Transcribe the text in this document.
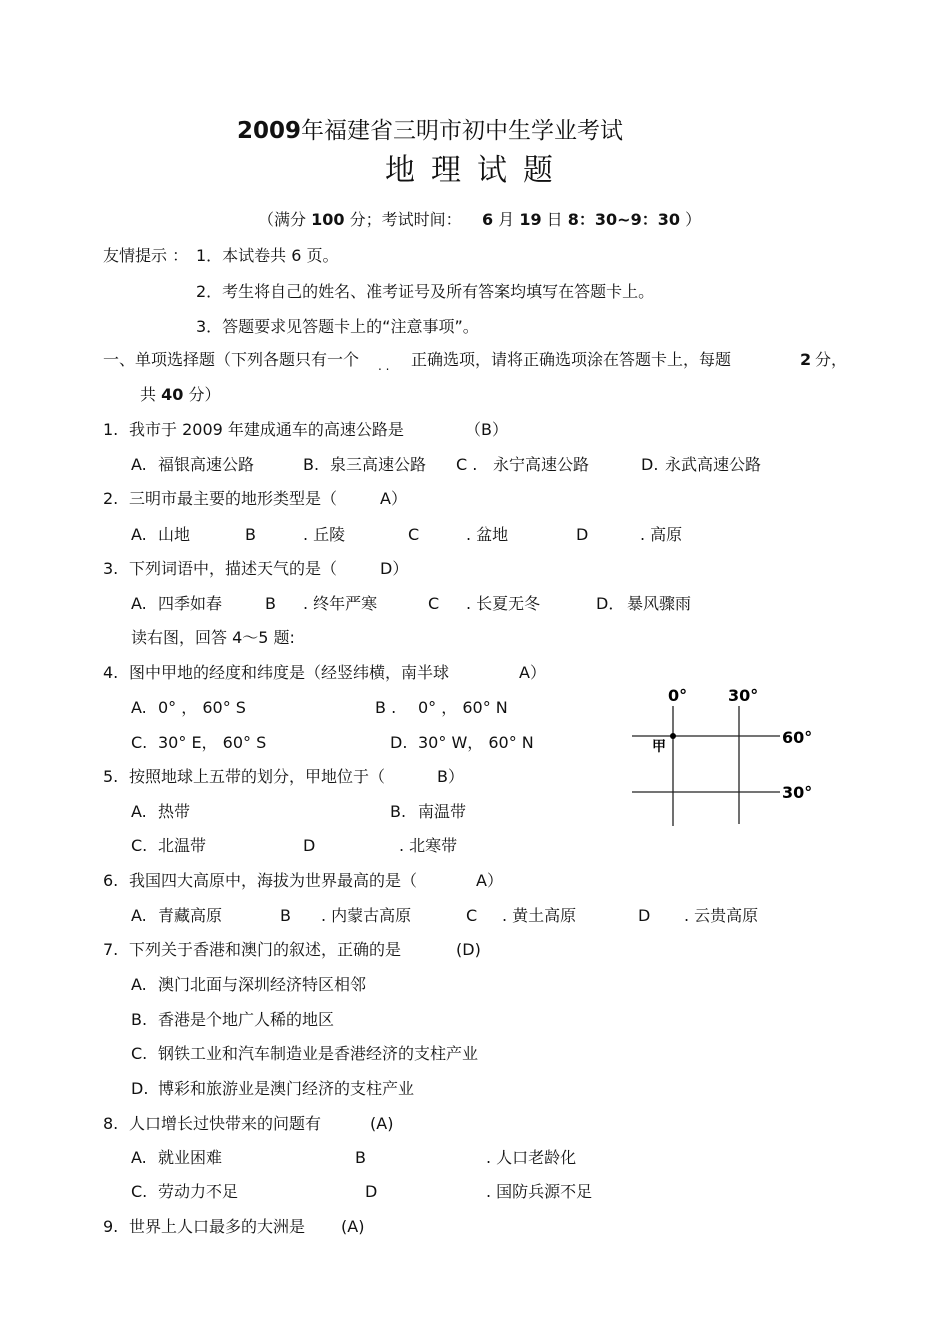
2009年福建省三明市初中生学业考试
地理试题
（满分 100 分；考试时间： 6 月 19 日 8：30~9：30 ）
友情提示 ： 1．本试卷共 6 页。
2．考生将自己的姓名、准考证号及所有答案均填写在答题卡上。
3．答题要求见答题卡上的“注意事项”。
一、单项选择题（下列各题只有一个 . . 正确选项，请将正确选项涂在答题卡上，每题	2 分，
共 40 分）
1. 我市于 2009 年建成通车的高速公路是	（B）
A. 福银高速公路	B. 泉三高速公路 C . 永宁高速公路	D. 永武高速公路
2. 三明市最主要的地形类型是（	A）
A. 山地	B	. 丘陵	C	. 盆地	D	. 高原
3. 下列词语中，描述天气的是（	D）
A. 四季如春	B . 终年严寒	C . 长夏无冬	D． 暴风骤雨
读右图，回答 4～5 题:
4. 图中甲地的经度和纬度是（经竖纬横，南半球	A）
A. 0° ， 60° S	B . 0° ， 60° N
C. 30° E， 60° S	D. 30° W， 60° N
5. 按照地球上五带的划分，甲地位于（	B）
A. 热带	B. 南温带
C. 北温带	D	. 北寒带
6. 我国四大高原中，海拔为世界最高的是（	A）
A. 青藏高原	B . 内蒙古高原	C . 黄土高原	D . 云贵高原
7. 下列关于香港和澳门的叙述，正确的是	(D)
A. 澳门北面与深圳经济特区相邻
B. 香港是个地广人稀的地区
C. 钢铁工业和汽车制造业是香港经济的支柱产业
D. 博彩和旅游业是澳门经济的支柱产业
8. 人口增长过快带来的问题有	(A)
A. 就业困难	B	. 人口老龄化
C. 劳动力不足	D	. 国防兵源不足
9. 世界上人口最多的大洲是 (A)
0°	30°
60°
30°
甲
